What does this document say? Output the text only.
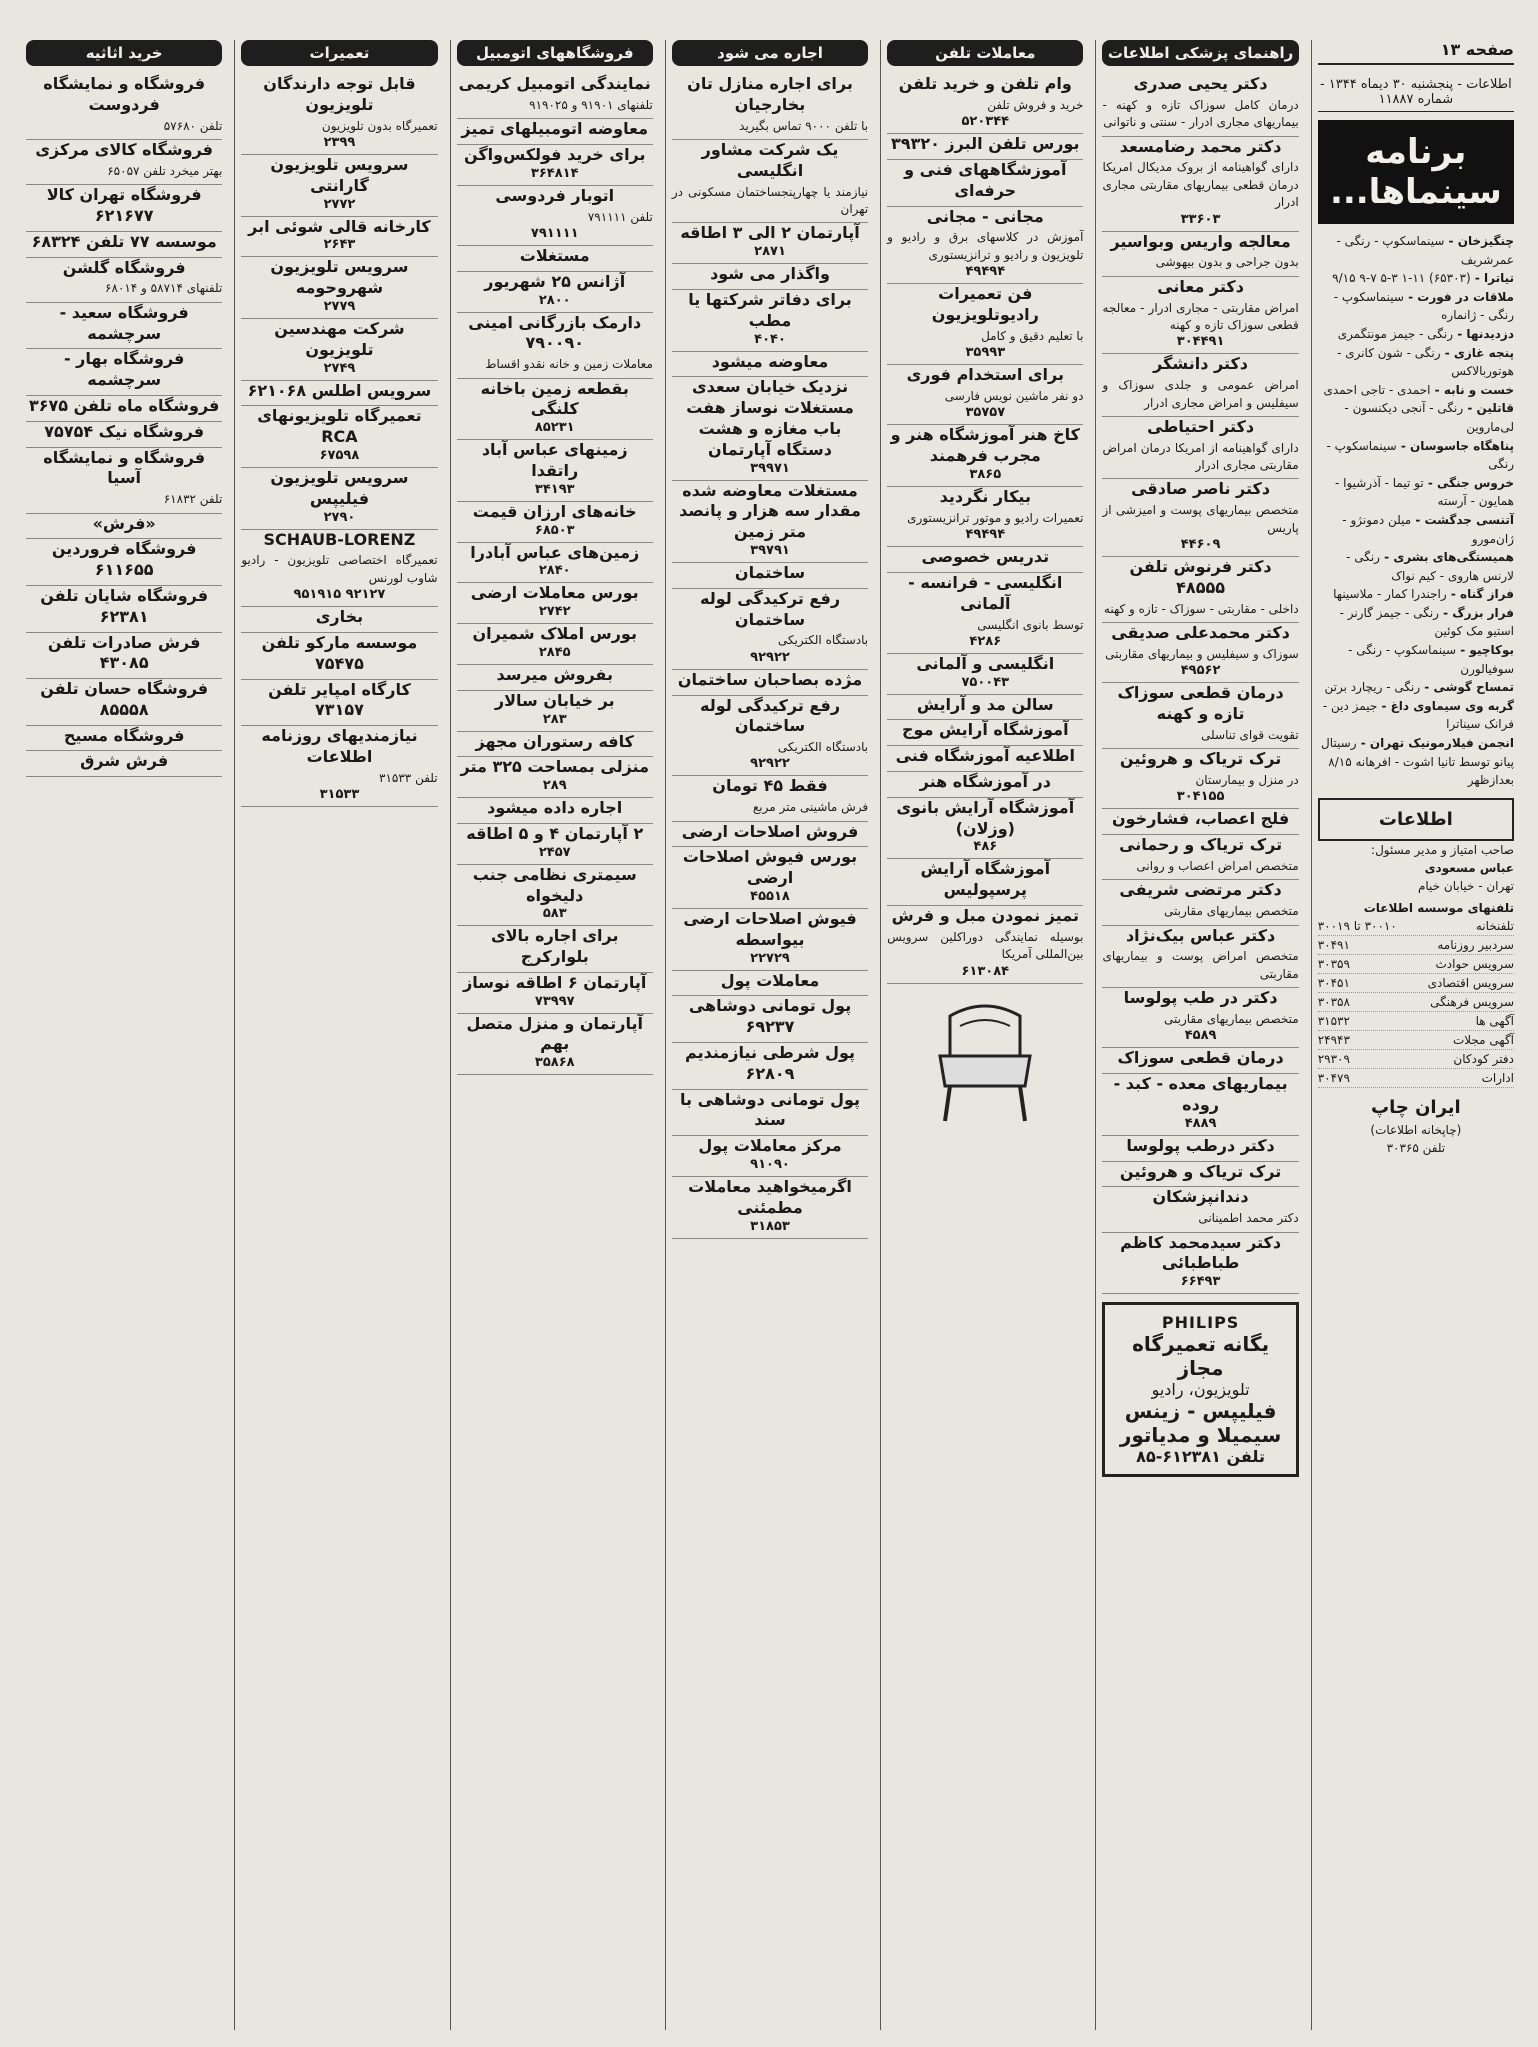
صفحه ۱۳
اطلاعات - پنجشنبه ۳۰ دیماه ۱۳۴۴ - شماره ۱۱۸۸۷
برنامه سینماها...
چنگیزخان - سینماسکوپ - رنگی - عمرشریف
تیاترا - (۶۵۳۰۳) ۱۱-۱ ۳-۵ ۷-۹ ۹/۱۵
ملاقات در فورت - سینماسکوپ - رنگی - ژانماره
دزدیدنها - رنگی - جیمز مونتگمری
پنجه غازی - رنگی - شون کانری - هوتوربالاکس
خست و نابه - احمدی - تاجی احمدی
قاتلین - رنگی - آنجی دیکنسون - لی‌ماروین
پناهگاه جاسوسان - سینماسکوپ - رنگی
خروس جنگی - تو تیما - آذرشیوا - همایون - آرسته
آتنسی جدگشت - میلن دمونژو - ژان‌مورو
همیستگی‌های بشری - رنگی - لارنس هاروی - کیم نواک
فراز گناه - راجندرا کمار - ملاسینها
فرار بزرگ - رنگی - جیمز گارنر - استیو مک کوئین
بوکاچیو - سینماسکوپ - رنگی - سوفیالورن
تمساح گوشی - رنگی - ریچارد برتن
گربه وی سیماوی داغ - جیمز دین - فرانک سیناترا
انجمن فیلارمونیک تهران - رسیتال پیانو توسط تانیا اشوت - افرهانه ۸/۱۵ بعدازظهر
اطلاعات
صاحب امتیاز و مدیر مسئول:
عباس مسعودی
تهران - خیابان خیام
تلفنهای موسسه اطلاعات
تلفنخانه
۳۰۰۱۰ تا ۳۰۰۱۹
سردبیر روزنامه
۳۰۴۹۱
سرویس حوادث
۳۰۳۵۹
سرویس اقتصادی
۳۰۴۵۱
سرویس فرهنگی
۳۰۳۵۸
آگهی ها
۳۱۵۳۲
آگهی مجلات
۲۴۹۴۳
دفتر کودکان
۲۹۳۰۹
ادارات
۳۰۴۷۹
ایران چاپ
(چاپخانه اطلاعات)
تلفن ۳۰۳۶۵
راهنمای پزشکی اطلاعات
دکتر یحیی صدری
درمان کامل سوزاک تازه و کهنه - بیماریهای مجاری ادرار - سنتی و ناتوانی
دکتر محمد رضامسعد
دارای گواهینامه از بروک مدیکال امریکا درمان قطعی بیماریهای مقاربتی مجاری ادرار
۳۳۶۰۳
معالجه واریس وبواسیر
بدون جراحی و بدون بیهوشی
دکتر معانی
امراض مقاربتی - مجاری ادرار - معالجه قطعی سوزاک تازه و کهنه
۳۰۴۴۹۱
دکتر دانشگر
امراض عمومی و جلدی سوزاک و سیفلیس و امراض مجاری ادرار
دکتر احتیاطی
دارای گواهینامه از امریکا درمان امراض مقاربتی مجاری ادرار
دکتر ناصر صادقی
متخصص بیماریهای پوست و امیزشی از پاریس
۴۴۶۰۹
دکتر فرنوش تلفن ۴۸۵۵۵
داخلی - مقاربتی - سوزاک - تازه و کهنه
دکتر محمدعلی صدیقی
سوزاک و سیفلیس و بیماریهای مقاربتی
۴۹۵۶۲
درمان قطعی سوزاک تازه و کهنه
تقویت قوای تناسلی
ترک تریاک و هروئین
در منزل و بیمارستان
۳۰۴۱۵۵
فلج اعصاب، فشارخون
ترک تریاک و رحمانی
متخصص امراض اعصاب و روانی
دکتر مرتضی شریفی
متخصص بیماریهای مقاربتی
دکتر عباس بیک‌نژاد
متخصص امراض پوست و بیماریهای مقاربتی
دکتر در طب پولوسا
متخصص بیماریهای مقاربتی
۴۵۸۹
درمان قطعی سوزاک
بیماریهای معده - کبد - روده
۴۸۸۹
دکتر درطب پولوسا
ترک تریاک و هروئین
دندانپزشکان
دکتر محمد اطمینانی
دکتر سیدمحمد کاظم طباطبائی
۶۶۴۹۳
PHILIPS
یگانه تعمیرگاه مجاز
تلویزیون، رادیو
فیلیپس - زینس
سیمیلا و مدیاتور
تلفن ۶۱۲۳۸۱-۸۵
معاملات تلفن
وام تلفن و خرید تلفن
خرید و فروش تلفن
۵۲۰۳۴۴
بورس تلفن البرز ۳۹۳۲۰
آموزشگاههای فنی و حرفه‌ای
مجانی - مجانی
آموزش در کلاسهای برق و رادیو و تلویزیون و رادیو و ترانزیستوری
۴۹۴۹۴
فن تعمیرات رادیوتلویزیون
با تعلیم دقیق و کامل
۳۵۹۹۳
برای استخدام فوری
دو نفر ماشین نویس فارسی
۳۵۷۵۷
کاخ هنر آموزشگاه هنر و مجرب فرهمند
۳۸۶۵
بیکار نگردید
تعمیرات رادیو و موتور ترانزیستوری
۴۹۴۹۴
تدریس خصوصی
انگلیسی - فرانسه - آلمانی
توسط بانوی انگلیسی
۴۲۸۶
انگلیسی و آلمانی
۷۵۰۰۴۳
سالن مد و آرایش
آموزشگاه آرایش موج
اطلاعیه آموزشگاه فنی
در آموزشگاه هنر
آموزشگاه آرایش بانوی (وزلان)
۴۸۶
آموزشگاه آرایش پرسپولیس
تمیز نمودن مبل و فرش
بوسیله نمایندگی دوراکلین سرویس بین‌المللی آمریکا
۶۱۳۰۸۴
اجاره می شود
برای اجاره منازل تان بخارجیان
با تلفن ۹۰۰۰ تماس بگیرید
یک شرکت مشاور انگلیسی
نیازمند یا چهارپنجساختمان مسکونی در تهران
آپارتمان ۲ الی ۳ اطاقه
۲۸۷۱
واگذار می شود
برای دفاتر شرکتها یا مطب
۴۰۴۰
معاوضه میشود
نزدیک خیابان سعدی مستغلات نوساز هفت باب مغازه و هشت دستگاه آپارتمان
۳۹۹۷۱
مستغلات معاوضه‌ شده مقدار سه هزار و پانصد متر زمین
۳۹۷۹۱
ساختمان
رفع ترکیدگی لوله ساختمان
بادستگاه الکتریکی
۹۲۹۲۲
مژده بصاحبان ساختمان
رفع ترکیدگی لوله ساختمان
بادستگاه الکتریکی
۹۲۹۲۲
فقط ۴۵ تومان
فرش ماشینی متر مربع
فروش اصلاحات ارضی
بورس فیوش اصلاحات ارضی
۴۵۵۱۸
فیوش اصلاحات ارضی بیواسطه
۲۲۷۲۹
معاملات پول
پول تومانی دوشاهی ۶۹۲۳۷
پول شرطی نیازمندیم ۶۲۸۰۹
پول تومانی دوشاهی با سند
مرکز معاملات پول
۹۱۰۹۰
اگرمیخواهید معاملات مطمئنی
۳۱۸۵۳
فروشگاههای اتومبیل
نمایندگی اتومبیل کریمی
تلفنهای ۹۱۹۰۱ و ۹۱۹۰۲۵
معاوضه اتومبیلهای تمیز
برای خرید فولکس‌واگن
۳۶۴۸۱۴
اتوبار فردوسی
تلفن ۷۹۱۱۱۱
۷۹۱۱۱۱
مستغلات
آژانس ۲۵ شهریور
۲۸۰۰
دارمک بازرگانی امینی ۷۹۰۰۹۰
معاملات زمین و خانه نقدو اقساط
بقطعه زمین باخانه کلنگی
۸۵۲۳۱
زمینهای عباس آباد راتقدا
۳۴۱۹۳
خانه‌های ارزان قیمت
۶۸۵۰۳
زمین‌های عباس آبادرا
۲۸۴۰
بورس معاملات ارضی
۲۷۴۲
بورس املاک شمیران
۲۸۴۵
بفروش میرسد
بر خیابان سالار
۲۸۳
کافه رستوران مجهز
منزلی بمساحت ۳۲۵ متر
۲۸۹
اجاره داده میشود
۲ آپارتمان ۴ و ۵ اطاقه
۲۴۵۷
سیمتری نظامی جنب دلیخواه
۵۸۳
برای اجاره بالای بلوارکرج
آپارتمان ۶ اطاقه نوساز
۷۳۹۹۷
آپارتمان و منزل متصل بهم
۳۵۸۶۸
تعمیرات
قابل توجه دارندگان تلویزیون
تعمیرگاه بدون تلویزیون
۲۳۹۹
سرویس تلویزیون گارانتی
۲۷۷۲
کارخانه قالی شوئی ابر
۲۶۴۳
سرویس تلویزیون شهروحومه
۲۷۷۹
شرکت مهندسین تلویزیون
۲۷۴۹
سرویس اطلس ۶۲۱۰۶۸
تعمیرگاه تلویزیونهای RCA
۶۷۵۹۸
سرویس تلویزیون فیلیپس
۲۷۹۰
SCHAUB-LORENZ
تعمیرگاه اختصاصی تلویزیون - رادیو شاوب لورنس
۹۲۱۲۷ ۹۵۱۹۱۵
بخاری
موسسه مارکو تلفن ۷۵۴۷۵
کارگاه امپایر تلفن ۷۳۱۵۷
نیازمندیهای روزنامه اطلاعات
تلفن ۳۱۵۳۳
۳۱۵۳۳
خرید اثاثیه
فروشگاه و نمایشگاه فردوست
تلفن ۵۷۶۸۰
فروشگاه کالای مرکزی
بهتر میخرد تلفن ۶۵۰۵۷
فروشگاه تهران کالا ۶۲۱۶۷۷
موسسه ۷۷ تلفن ۶۸۳۲۴
فروشگاه گلشن
تلفنهای ۵۸۷۱۴ و ۶۸۰۱۴
فروشگاه سعید - سرچشمه
فروشگاه بهار - سرچشمه
فروشگاه ماه تلفن ۳۶۷۵
فروشگاه نیک ۷۵۷۵۴
فروشگاه و نمایشگاه آسیا
تلفن ۶۱۸۳۲
«فرش»
فروشگاه فروردین ۶۱۱۶۵۵
فروشگاه شایان تلفن ۶۲۳۸۱
فرش صادرات تلفن ۴۳۰۸۵
فروشگاه حسان تلفن ۸۵۵۵۸
فروشگاه مسیح
فرش شرق
